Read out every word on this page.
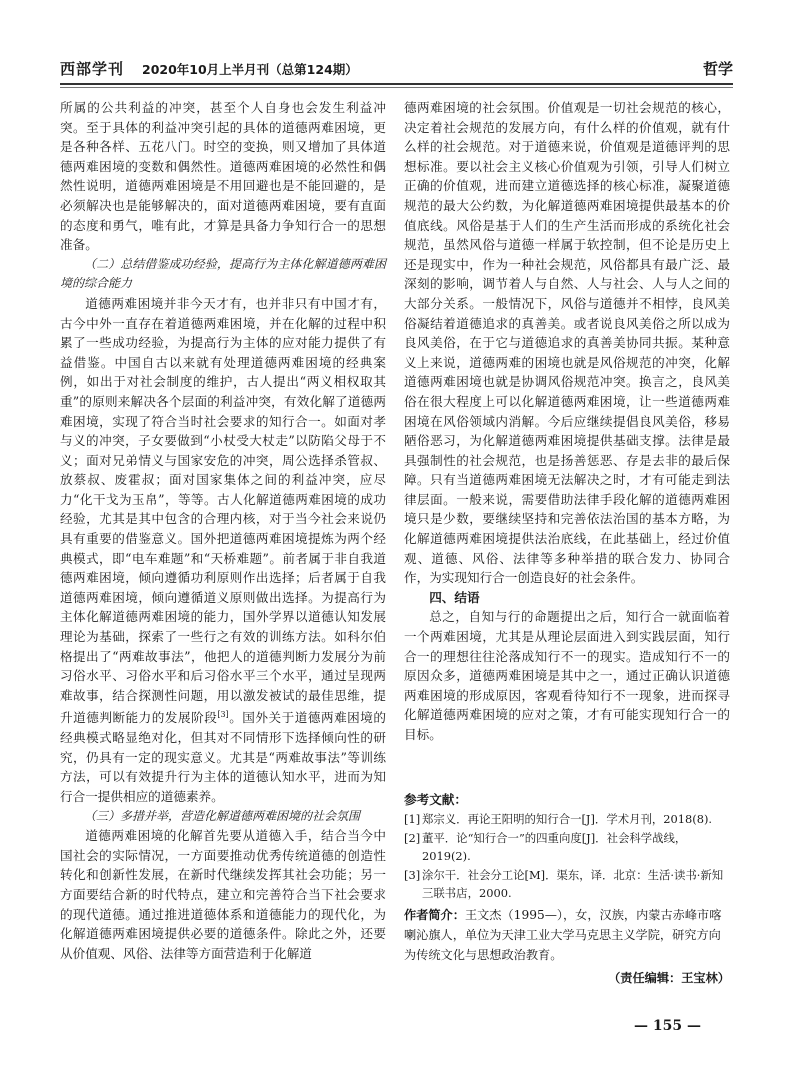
西部学刊 2020年10月上半月刊（总第124期）	哲学

所属的公共利益的冲突，甚至个人自身也会发生利益冲突。至于具体的利益冲突引起的具体的道德两难困境，更是各种各样、五花八门。时空的变换，则又增加了具体道德两难困境的变数和偶然性。道德两难困境的必然性和偶然性说明，道德两难困境是不用回避也是不能回避的，是必须解决也是能够解决的，面对道德两难困境，要有直面的态度和勇气，唯有此，才算是具备力争知行合一的思想准备。

（二）总结借鉴成功经验，提高行为主体化解道德两难困境的综合能力

道德两难困境并非今天才有，也并非只有中国才有，古今中外一直存在着道德两难困境，并在化解的过程中积累了一些成功经验，为提高行为主体的应对能力提供了有益借鉴。中国自古以来就有处理道德两难困境的经典案例，如出于对社会制度的维护，古人提出“两义相权取其重”的原则来解决各个层面的利益冲突，有效化解了道德两难困境，实现了符合当时社会要求的知行合一。如面对孝与义的冲突，子女要做到“小杖受大杖走”以防陷父母于不义；面对兄弟情义与国家安危的冲突，周公选择杀管叔、放蔡叔、废霍叔；面对国家集体之间的利益冲突，应尽力“化干戈为玉帛”，等等。古人化解道德两难困境的成功经验，尤其是其中包含的合理内核，对于当今社会来说仍具有重要的借鉴意义。国外把道德两难困境提炼为两个经典模式，即“电车难题”和“天桥难题”。前者属于非自我道德两难困境，倾向遵循功利原则作出选择；后者属于自我道德两难困境，倾向遵循道义原则做出选择。为提高行为主体化解道德两难困境的能力，国外学界以道德认知发展理论为基础，探索了一些行之有效的训练方法。如科尔伯格提出了“两难故事法”，他把人的道德判断力发展分为前习俗水平、习俗水平和后习俗水平三个水平，通过呈现两难故事，结合探测性问题，用以激发被试的最佳思维，提升道德判断能力的发展阶段[3]。国外关于道德两难困境的经典模式略显绝对化，但其对不同情形下选择倾向性的研究，仍具有一定的现实意义。尤其是“两难故事法”等训练方法，可以有效提升行为主体的道德认知水平，进而为知行合一提供相应的道德素养。

（三）多措并举，营造化解道德两难困境的社会氛围

道德两难困境的化解首先要从道德入手，结合当今中国社会的实际情况，一方面要推动优秀传统道德的创造性转化和创新性发展，在新时代继续发挥其社会功能；另一方面要结合新的时代特点，建立和完善符合当下社会要求的现代道德。通过推进道德体系和道德能力的现代化，为化解道德两难困境提供必要的道德条件。除此之外，还要从价值观、风俗、法律等方面营造利于化解道

德两难困境的社会氛围。价值观是一切社会规范的核心，决定着社会规范的发展方向，有什么样的价值观，就有什么样的社会规范。对于道德来说，价值观是道德评判的思想标准。要以社会主义核心价值观为引领，引导人们树立正确的价值观，进而建立道德选择的核心标准，凝聚道德规范的最大公约数，为化解道德两难困境提供最基本的价值底线。风俗是基于人们的生产生活而形成的系统化社会规范，虽然风俗与道德一样属于软控制，但不论是历史上还是现实中，作为一种社会规范，风俗都具有最广泛、最深刻的影响，调节着人与自然、人与社会、人与人之间的大部分关系。一般情况下，风俗与道德并不相悖，良风美俗凝结着道德追求的真善美。或者说良风美俗之所以成为良风美俗，在于它与道德追求的真善美协同共振。某种意义上来说，道德两难的困境也就是风俗规范的冲突，化解道德两难困境也就是协调风俗规范冲突。换言之，良风美俗在很大程度上可以化解道德两难困境，让一些道德两难困境在风俗领域内消解。今后应继续提倡良风美俗，移易陋俗恶习，为化解道德两难困境提供基础支撑。法律是最具强制性的社会规范，也是扬善惩恶、存是去非的最后保障。只有当道德两难困境无法解决之时，才有可能走到法律层面。一般来说，需要借助法律手段化解的道德两难困境只是少数，要继续坚持和完善依法治国的基本方略，为化解道德两难困境提供法治底线，在此基础上，经过价值观、道德、风俗、法律等多种举措的联合发力、协同合作，为实现知行合一创造良好的社会条件。

四、结语

总之，自知与行的命题提出之后，知行合一就面临着一个两难困境，尤其是从理论层面进入到实践层面，知行合一的理想往往沦落成知行不一的现实。造成知行不一的原因众多，道德两难困境是其中之一，通过正确认识道德两难困境的形成原因，客观看待知行不一现象，进而探寻化解道德两难困境的应对之策，才有可能实现知行合一的目标。

参考文献：
[1] 郑宗义．再论王阳明的知行合一[J]．学术月刊，2018(8).
[2] 董平．论“知行合一”的四重向度[J]．社会科学战线，2019(2).
[3] 涂尔干．社会分工论[M]．渠东，译．北京：生活·读书·新知三联书店，2000.
作者简介：王文杰（1995—），女，汉族，内蒙古赤峰市喀喇沁旗人，单位为天津工业大学马克思主义学院，研究方向为传统文化与思想政治教育。
（责任编辑：王宝林）
— 155 —
